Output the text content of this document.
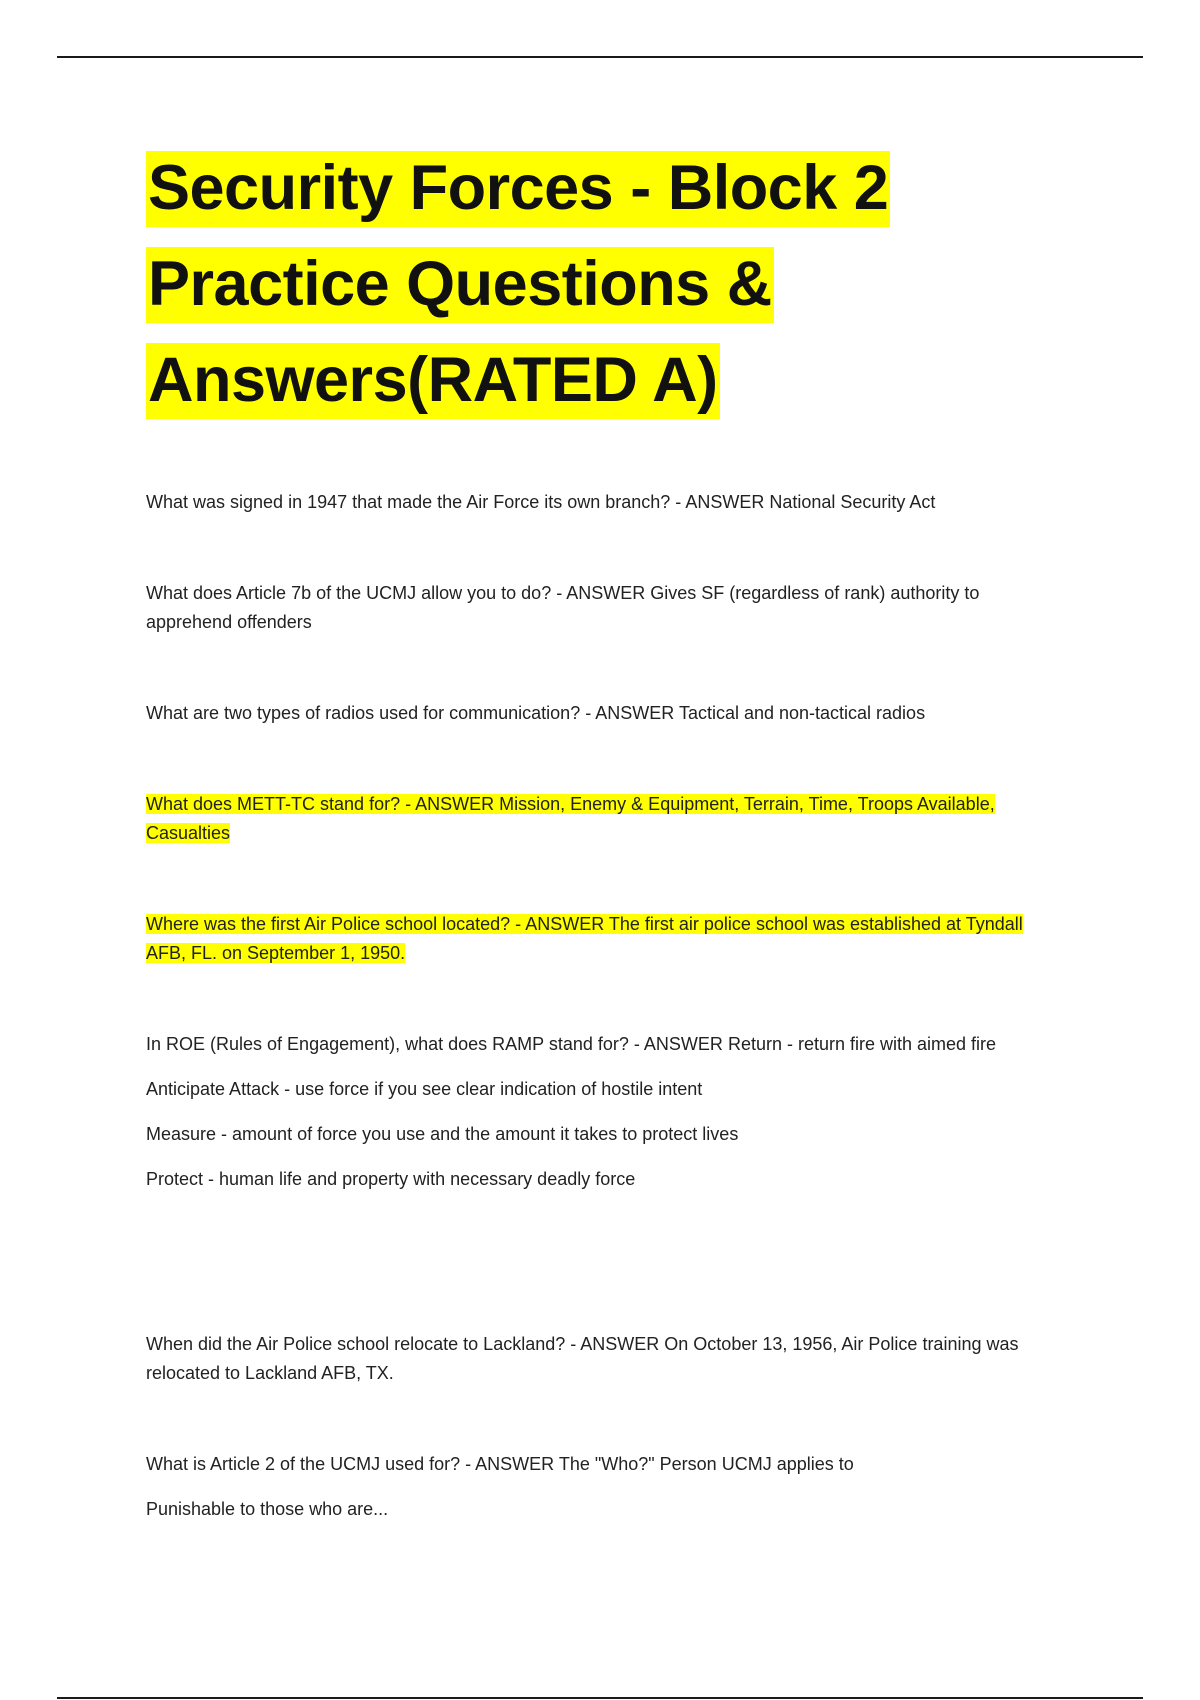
Security Forces - Block 2 Practice Questions & Answers(RATED A)

What was signed in 1947 that made the Air Force its own branch? - ANSWER National Security Act

What does Article 7b of the UCMJ allow you to do? - ANSWER Gives SF (regardless of rank) authority to apprehend offenders

What are two types of radios used for communication? - ANSWER Tactical and non-tactical radios

What does METT-TC stand for? - ANSWER Mission, Enemy & Equipment, Terrain, Time, Troops Available, Casualties

Where was the first Air Police school located? - ANSWER The first air police school was established at Tyndall AFB, FL. on September 1, 1950.

In ROE (Rules of Engagement), what does RAMP stand for? - ANSWER Return - return fire with aimed fire

Anticipate Attack - use force if you see clear indication of hostile intent

Measure - amount of force you use and the amount it takes to protect lives

Protect - human life and property with necessary deadly force

When did the Air Police school relocate to Lackland? - ANSWER On October 13, 1956, Air Police training was relocated to Lackland AFB, TX.

What is Article 2 of the UCMJ used for? - ANSWER The "Who?" Person UCMJ applies to

Punishable to those who are...
